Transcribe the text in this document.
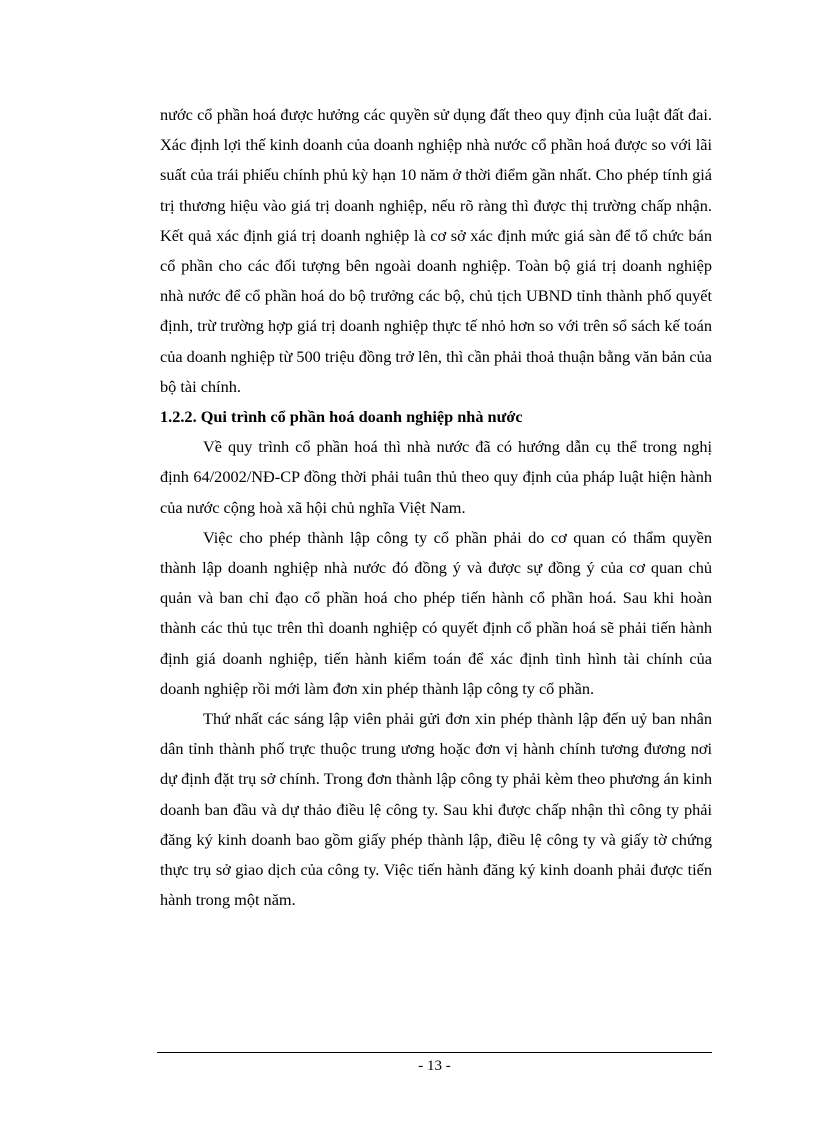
nước cổ phần hoá được hưởng các quyền sử dụng đất theo quy định của luật đất đai. Xác định lợi thế kinh doanh của doanh nghiệp nhà nước cổ phần hoá được so với lãi suất của trái phiếu chính phủ kỳ hạn 10 năm ở thời điểm gần nhất. Cho phép tính giá trị thương hiệu vào giá trị doanh nghiệp, nếu rõ ràng thì được thị trường chấp nhận. Kết quả xác định giá trị doanh nghiệp là cơ sở xác định mức giá sàn để tổ chức bán cổ phần cho các đối tượng bên ngoài doanh nghiệp. Toàn bộ giá trị doanh nghiệp nhà nước để cổ phần hoá do bộ trưởng các bộ, chủ tịch UBND tỉnh thành phố quyết định, trừ trường hợp giá trị doanh nghiệp thực tế nhỏ hơn so với trên sổ sách kế toán của doanh nghiệp từ 500 triệu đồng trở lên, thì cần phải thoả thuận bằng văn bản của bộ tài chính.

1.2.2. Qui trình cổ phần hoá doanh nghiệp nhà nước

Về quy trình cổ phần hoá thì nhà nước đã có hướng dẫn cụ thể trong nghị định 64/2002/NĐ-CP đồng thời phải tuân thủ theo quy định của pháp luật hiện hành của nước cộng hoà xã hội chủ nghĩa Việt Nam.

Việc cho phép thành lập công ty cổ phần phải do cơ quan có thẩm quyền thành lập doanh nghiệp nhà nước đó đồng ý và được sự đồng ý của cơ quan chủ quản và ban chỉ đạo cổ phần hoá cho phép tiến hành cổ phần hoá. Sau khi hoàn thành các thủ tục trên thì doanh nghiệp có quyết định cổ phần hoá sẽ phải tiến hành định giá doanh nghiệp, tiến hành kiểm toán để xác định tình hình tài chính của doanh nghiệp rồi mới làm đơn xin phép thành lập công ty cổ phần.

Thứ nhất các sáng lập viên phải gửi đơn xin phép thành lập đến uỷ ban nhân dân tỉnh thành phố trực thuộc trung ương hoặc đơn vị hành chính tương đương nơi dự định đặt trụ sở chính. Trong đơn thành lập công ty phải kèm theo phương án kinh doanh ban đầu và dự thảo điều lệ công ty. Sau khi được chấp nhận thì công ty phải đăng ký kinh doanh bao gồm giấy phép thành lập, điều lệ công ty và giấy tờ chứng thực trụ sở giao dịch của công ty. Việc tiến hành đăng ký kinh doanh phải được tiến hành trong một năm.

- 13 -
